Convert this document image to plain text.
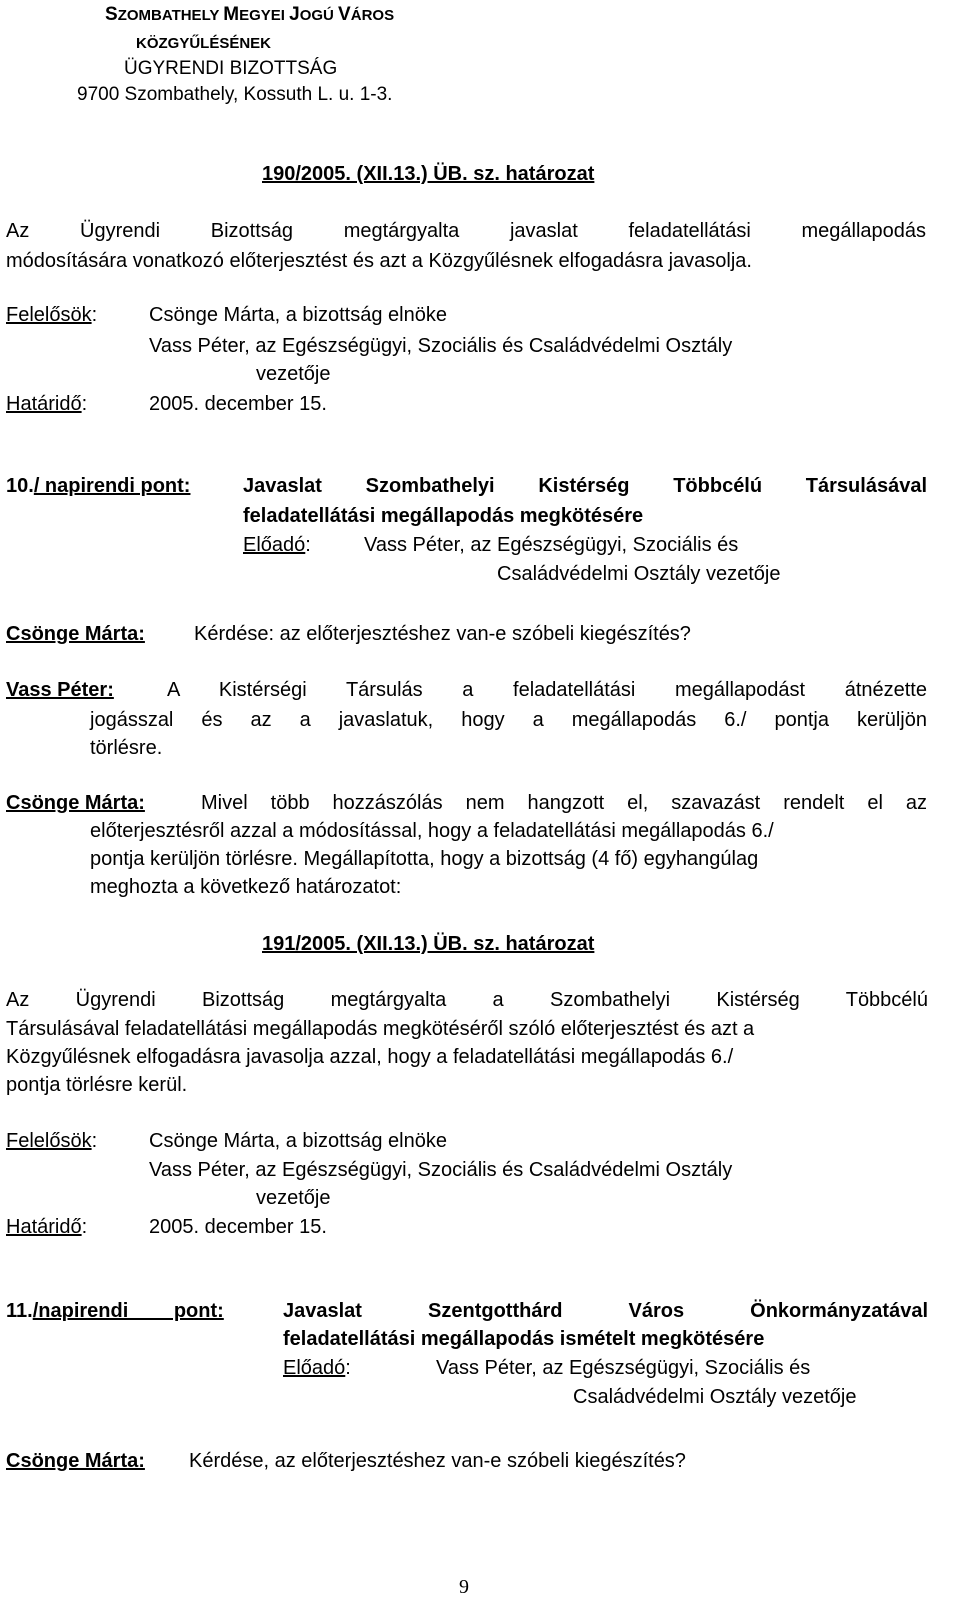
SZOMBATHELY MEGYEI JOGÚ VÁROS
KÖZGYŰLÉSÉNEK
ÜGYRENDI BIZOTTSÁG
9700 Szombathely, Kossuth L. u. 1-3.
190/2005. (XII.13.) ÜB. sz. határozat
Az Ügyrendi Bizottság megtárgyalta javaslat feladatellátási megállapodás
módosítására vonatkozó előterjesztést és azt a Közgyűlésnek elfogadásra javasolja.
Felelősök:	Csönge Márta, a bizottság elnöke
Vass Péter, az Egészségügyi, Szociális és Családvédelmi Osztály
vezetője
Határidő:	2005. december 15.
10./ napirendi pont:	Javaslat Szombathelyi Kistérség Többcélú Társulásával
feladatellátási megállapodás megkötésére
Előadó:	Vass Péter, az Egészségügyi, Szociális és
Családvédelmi Osztály vezetője
Csönge Márta: Kérdése: az előterjesztéshez van-e szóbeli kiegészítés?
Vass Péter:	A Kistérségi Társulás a feladatellátási megállapodást átnézette
jogásszal és az a javaslatuk, hogy a megállapodás 6./ pontja kerüljön
törlésre.
Csönge Márta:	Mivel több hozzászólás nem hangzott el, szavazást rendelt el az
előterjesztésről azzal a módosítással, hogy a feladatellátási megállapodás 6./
pontja kerüljön törlésre. Megállapította, hogy a bizottság (4 fő) egyhangúlag
meghozta a következő határozatot:
191/2005. (XII.13.) ÜB. sz. határozat
Az Ügyrendi Bizottság megtárgyalta a Szombathelyi Kistérség Többcélú
Társulásával feladatellátási megállapodás megkötéséről szóló előterjesztést és azt a
Közgyűlésnek elfogadásra javasolja azzal, hogy a feladatellátási megállapodás 6./
pontja törlésre kerül.
Felelősök:	Csönge Márta, a bizottság elnöke
Vass Péter, az Egészségügyi, Szociális és Családvédelmi Osztály
vezetője
Határidő:	2005. december 15.
11./napirendi pont:	Javaslat Szentgotthárd Város Önkormányzatával
feladatellátási megállapodás ismételt megkötésére
Előadó:	Vass Péter, az Egészségügyi, Szociális és
Családvédelmi Osztály vezetője
Csönge Márta: Kérdése, az előterjesztéshez van-e szóbeli kiegészítés?
9
